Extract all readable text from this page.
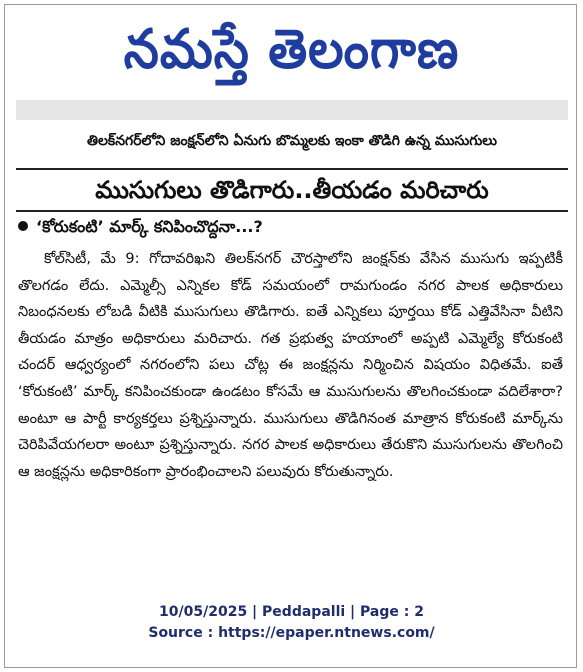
నమస్తే తెలంగాణ
తిలక్‌నగర్‌లోని జంక్షన్‌లోని ఏనుగు బొమ్మలకు ఇంకా తొడిగి ఉన్న ముసుగులు
ముసుగులు తొడిగారు..తీయడం మరిచారు
‘కోరుకంటి’ మార్క్‌ కనిపించొద్దనా...?

కోల్‌సిటీ, మే 9: గోదావరిఖని తిలక్‌నగర్‌ చౌరస్తాలోని జంక్షన్‌కు వేసిన ముసుగు ఇప్పటికీ తొలగడం లేదు. ఎమ్మెల్సీ ఎన్నికల కోడ్‌ సమయంలో రామగుండం నగర పాలక అధికారులు నిబంధనలకు లోబడి వీటికి ముసుగులు తొడిగారు. ఐతే ఎన్నికలు పూర్తయి కోడ్‌ ఎత్తివేసినా వీటిని తీయడం మాత్రం అధికారులు మరిచారు. గత ప్రభుత్వ హయాంలో అప్పటి ఎమ్మెల్యే కోరుకంటి చందర్‌ ఆధ్వర్యంలో నగరంలోని పలు చోట్ల ఈ జంక్షన్లను నిర్మించిన విషయం విధితమే. ఐతే ‘కోరుకంటి’ మార్క్‌ కనిపించకుండా ఉండటం కోసమే ఆ ముసుగులను తొలగించకుండా వదిలేశారా? అంటూ ఆ పార్టీ కార్యకర్తలు ప్రశ్నిస్తున్నారు. ముసుగులు తొడిగినంత మాత్రాన కోరుకంటి మార్క్‌ను చెరిపివేయగలరా అంటూ ప్రశ్నిస్తున్నారు. నగర పాలక అధికారులు తేరుకొని ముసుగులను తొలగించి ఆ జంక్షన్లను అధికారికంగా ప్రారంభించాలని పలువురు కోరుతున్నారు.

10/05/2025 | Peddapalli | Page : 2
Source : https://epaper.ntnews.com/
